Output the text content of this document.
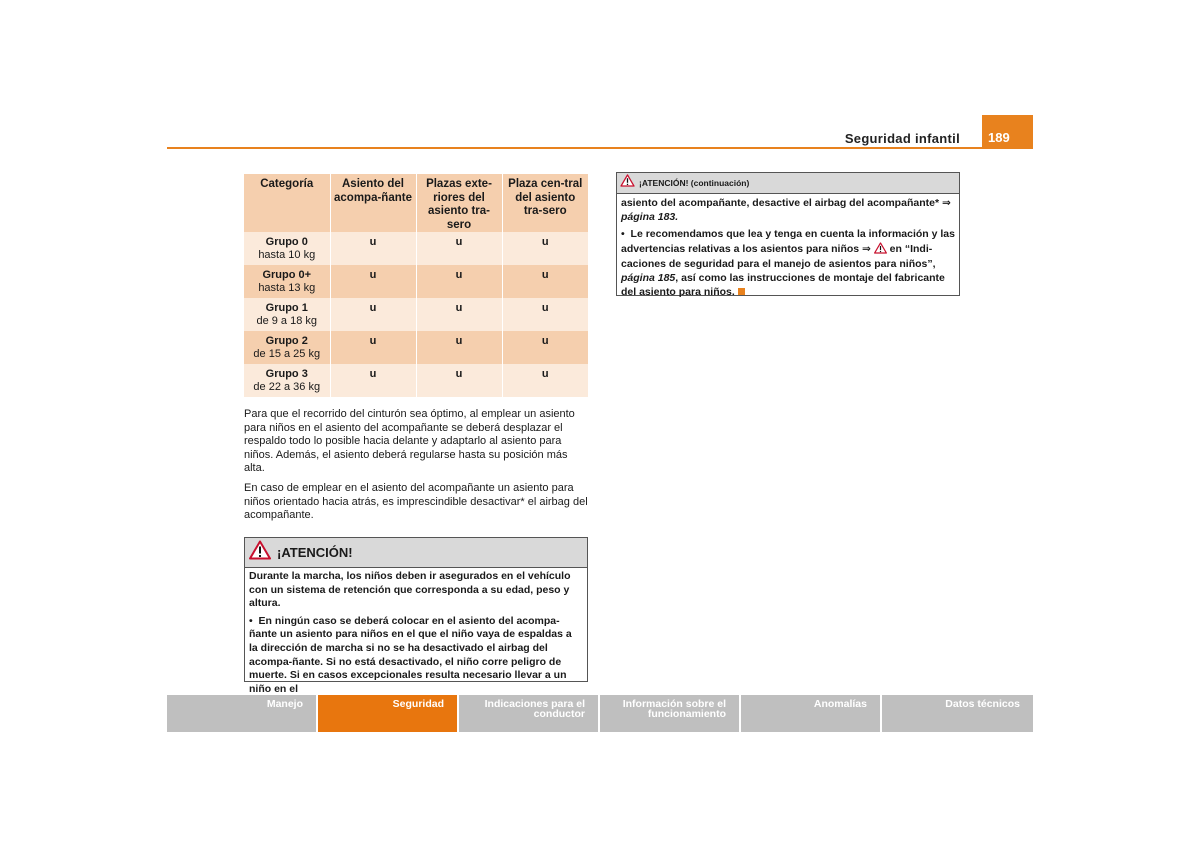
Seguridad infantil	189
Categoría	Asiento del acompa-ñante	Plazas exte-riores del asiento tra-sero	Plaza cen-tral del asiento tra-sero

Grupo 0
hasta 10 kg	u	u	u

Grupo 0+
hasta 13 kg	u	u	u

Grupo 1
de 9 a 18 kg	u	u	u

Grupo 2
de 15 a 25 kg	u	u	u

Grupo 3
de 22 a 36 kg	u	u	u
Para que el recorrido del cinturón sea óptimo, al emplear un asiento para niños en el asiento del acompañante se deberá desplazar el respaldo todo lo posible hacia delante y adaptarlo al asiento para niños. Además, el asiento deberá regularse hasta su posición más alta.
En caso de emplear en el asiento del acompañante un asiento para niños orientado hacia atrás, es imprescindible desactivar* el airbag del acompañante.
¡ATENCIÓN!

Durante la marcha, los niños deben ir asegurados en el vehículo con un sistema de retención que corresponda a su edad, peso y altura.

• En ningún caso se deberá colocar en el asiento del acompa-ñante un asiento para niños en el que el niño vaya de espaldas a la dirección de marcha si no se ha desactivado el airbag del acompa-ñante. Si no está desactivado, el niño corre peligro de muerte. Si en casos excepcionales resulta necesario llevar a un niño en el

¡ATENCIÓN! (continuación)

asiento del acompañante, desactive el airbag del acompañante* ⇒ página 183.

• Le recomendamos que lea y tenga en cuenta la información y las advertencias relativas a los asientos para niños ⇒ en “Indi-caciones de seguridad para el manejo de asientos para niños”, página 185, así como las instrucciones de montaje del fabricante del asiento para niños.

Manejo	Seguridad	Indicaciones para el conductor
Información sobre el funcionamiento
Anomalías	Datos técnicos
